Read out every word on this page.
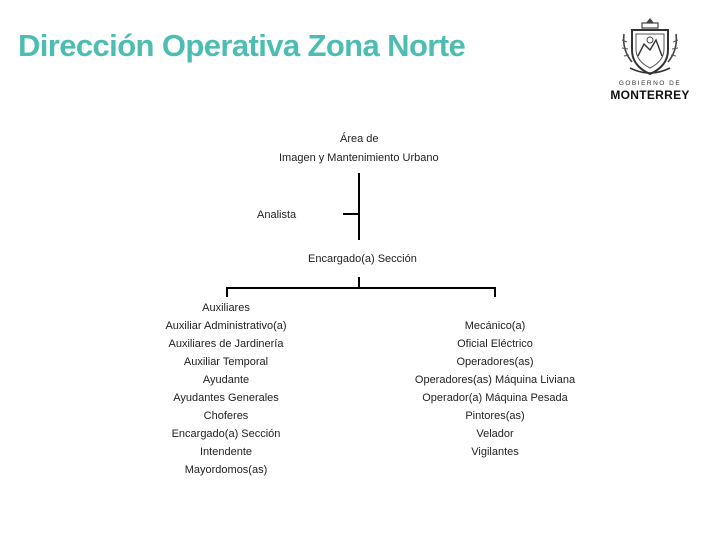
Dirección Operativa Zona Norte
GOBIERNO DE
MONTERREY
Área de
Imagen y Mantenimiento Urbano
Analista
Encargado(a) Sección
Auxiliares
Auxiliar Administrativo(a)
Auxiliares de Jardinería
Auxiliar Temporal
Ayudante
Ayudantes Generales
Choferes
Encargado(a) Sección
Intendente
Mayordomos(as)
Mecánico(a)
Oficial Eléctrico
Operadores(as)
Operadores(as) Máquina Liviana
Operador(a) Máquina Pesada
Pintores(as)
Velador
Vigilantes
